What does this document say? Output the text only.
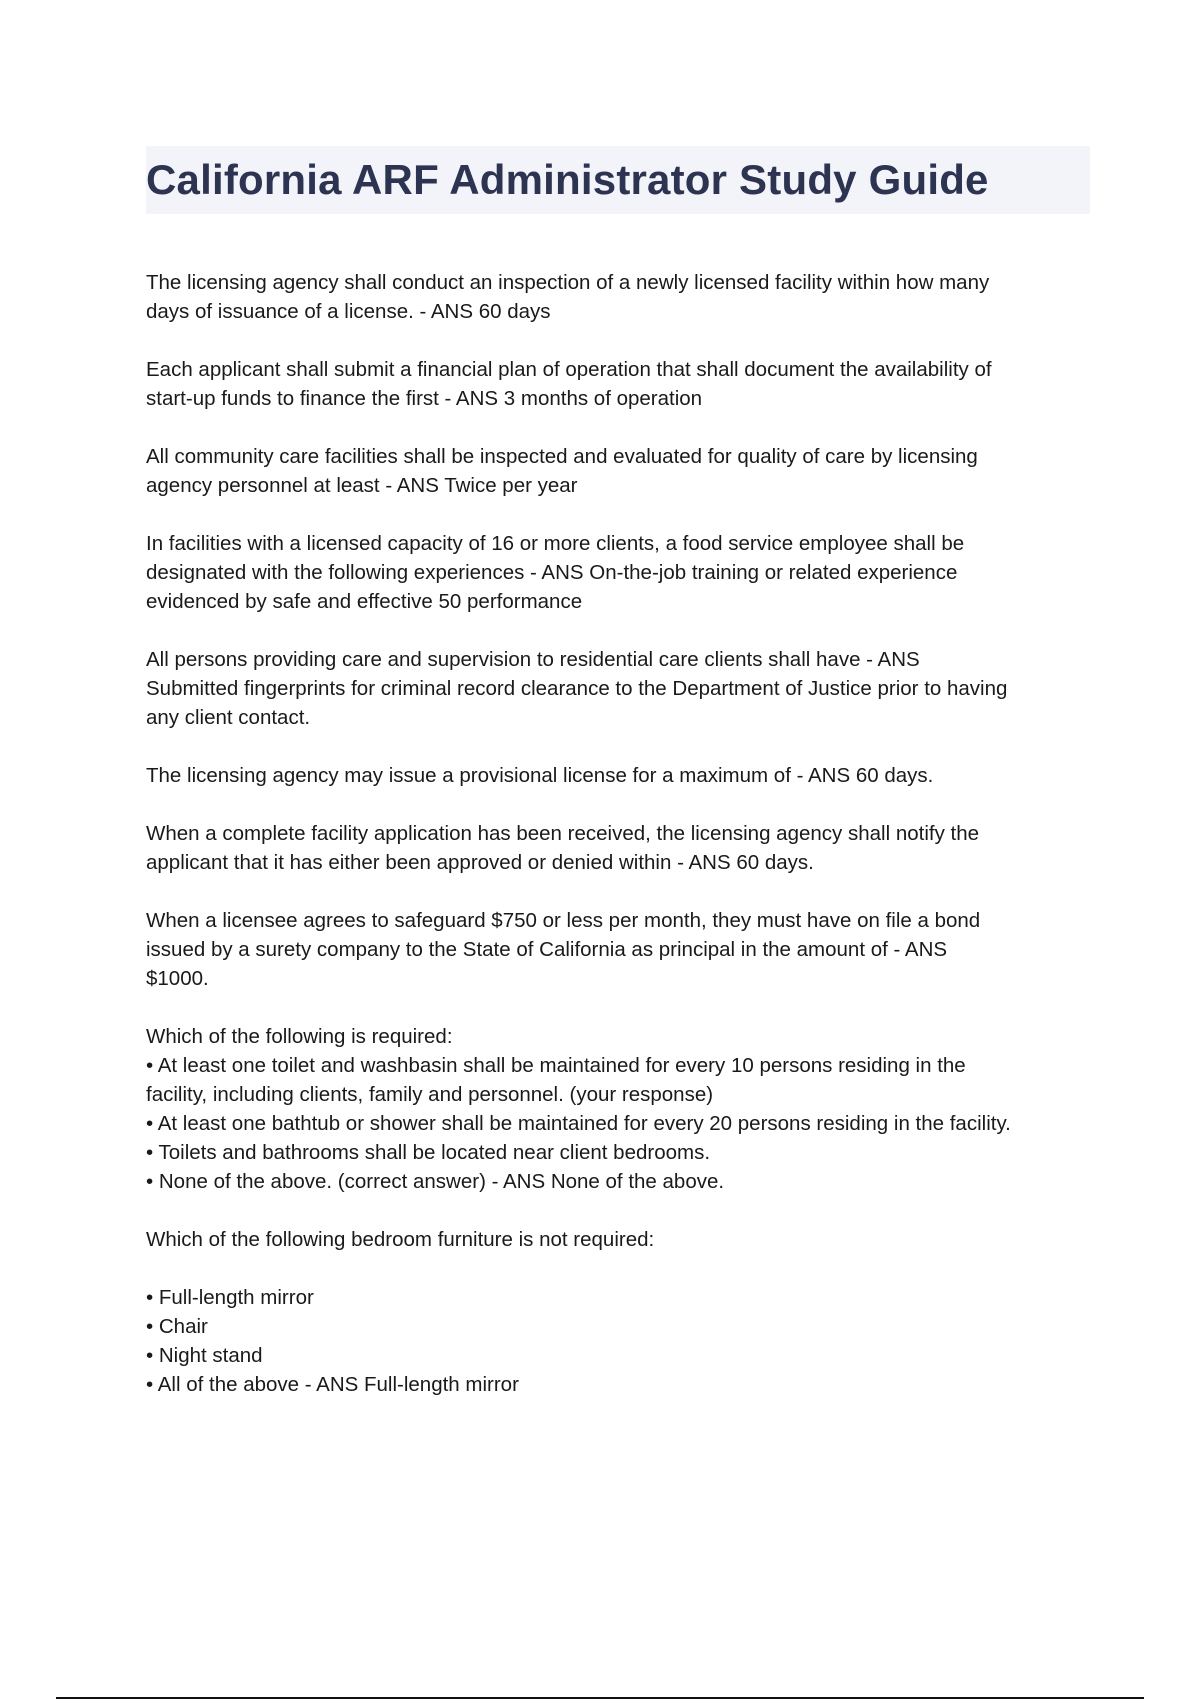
California ARF Administrator Study Guide

The licensing agency shall conduct an inspection of a newly licensed facility within how many
days of issuance of a license. - ANS 60 days

Each applicant shall submit a financial plan of operation that shall document the availability of
start-up funds to finance the first - ANS 3 months of operation

All community care facilities shall be inspected and evaluated for quality of care by licensing
agency personnel at least - ANS Twice per year

In facilities with a licensed capacity of 16 or more clients, a food service employee shall be
designated with the following experiences - ANS On-the-job training or related experience
evidenced by safe and effective 50 performance

All persons providing care and supervision to residential care clients shall have - ANS
Submitted fingerprints for criminal record clearance to the Department of Justice prior to having
any client contact.

The licensing agency may issue a provisional license for a maximum of - ANS 60 days.

When a complete facility application has been received, the licensing agency shall notify the
applicant that it has either been approved or denied within - ANS 60 days.

When a licensee agrees to safeguard $750 or less per month, they must have on file a bond
issued by a surety company to the State of California as principal in the amount of - ANS
$1000.

Which of the following is required:
• At least one toilet and washbasin shall be maintained for every 10 persons residing in the
facility, including clients, family and personnel. (your response)
• At least one bathtub or shower shall be maintained for every 20 persons residing in the facility.
• Toilets and bathrooms shall be located near client bedrooms.
• None of the above. (correct answer) - ANS None of the above.

Which of the following bedroom furniture is not required:

• Full-length mirror
• Chair
• Night stand
• All of the above - ANS Full-length mirror
